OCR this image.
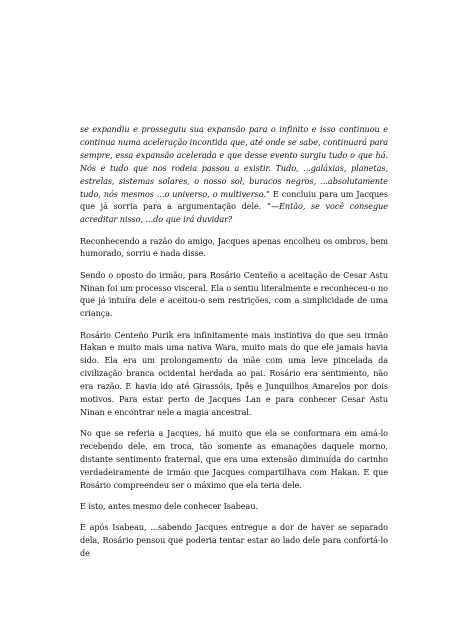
se expandiu e prosseguiu sua expansão para o infinito e isso continuou e continua numa aceleração incontida que, até onde se sabe, continuará para sempre, essa expansão acelerada e que desse evento surgiu tudo o que há. Nós e tudo que nos rodeia passou a existir. Tudo, ...galáxias, planetas, estrelas, sistemas solares, o nosso sol, buracos negros, ...absolutamente tudo, nós mesmos ...o universo, o multiverso.” E concluiu para um Jacques que já sorria para a argumentação dele. “—Então, se você consegue acreditar nisso, ...do que irá duvidar?

Reconhecendo a razão do amigo, Jacques apenas encolheu os ombros, bem humorado, sorriu e nada disse.

Sendo o oposto do irmão, para Rosário Centeño a aceitação de Cesar Astu Ninan foi um processo visceral. Ela o sentiu literalmente e reconheceu-o no que já intuíra dele e aceitou-o sem restrições, com a simplicidade de uma criança.

Rosário Centeño Purik era infinitamente mais instintiva do que seu irmão Hakan e muito mais uma nativa Wara, muito mais do que ele jamais havia sido. Ela era um prolongamento da mãe com uma leve pincelada da civilização branca ocidental herdada ao pai. Rosário era sentimento, não era razão. E havia ido até Girassóis, Ipês e Junquilhos Amarelos por dois motivos. Para estar perto de Jacques Lan e para conhecer Cesar Astu Ninan e encontrar nele a magia ancestral.

No que se referia a Jacques, há muito que ela se conformara em amá-lo recebendo dele, em troca, tão somente as emanações daquele morno, distante sentimento fraternal, que era uma extensão diminuída do carinho verdadeiramente de irmão que Jacques compartilhava com Hakan. E que Rosário compreendeu ser o máximo que ela teria dele.

E isto, antes mesmo dele conhecer Isabeau.

E após Isabeau, ...sabendo Jacques entregue a dor de haver se separado dela, Rosário pensou que poderia tentar estar ao lado dele para confortá-lo de
